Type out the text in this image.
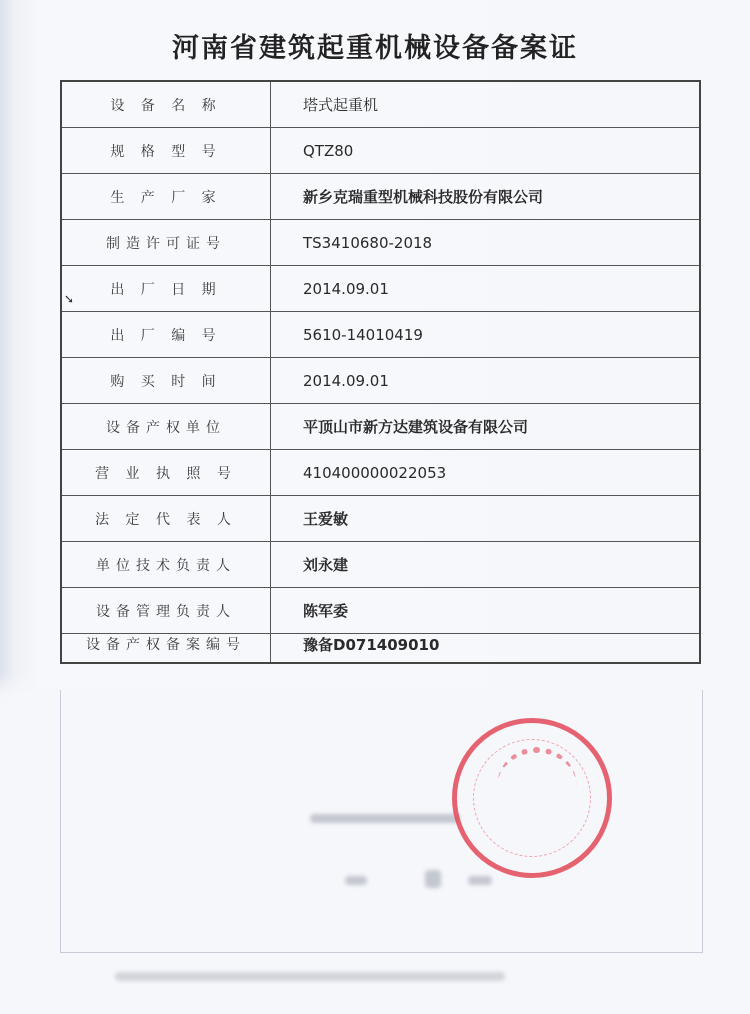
河南省建筑起重机械设备备案证
设 备 名 称	塔式起重机
规 格 型 号	QTZ80
生 产 厂 家	新乡克瑞重型机械科技股份有限公司
制造许可证号	TS3410680-2018
出 厂 日 期	2014.09.01
出 厂 编 号	5610-14010419
购 买 时 间	2014.09.01
设备产权单位	平顶山市新方达建筑设备有限公司
营 业 执 照 号	410400000022053
法 定 代 表 人	王爱敏
单位技术负责人	刘永建
设备管理负责人	陈军委
设备产权备案编号	豫备D071409010
➘
